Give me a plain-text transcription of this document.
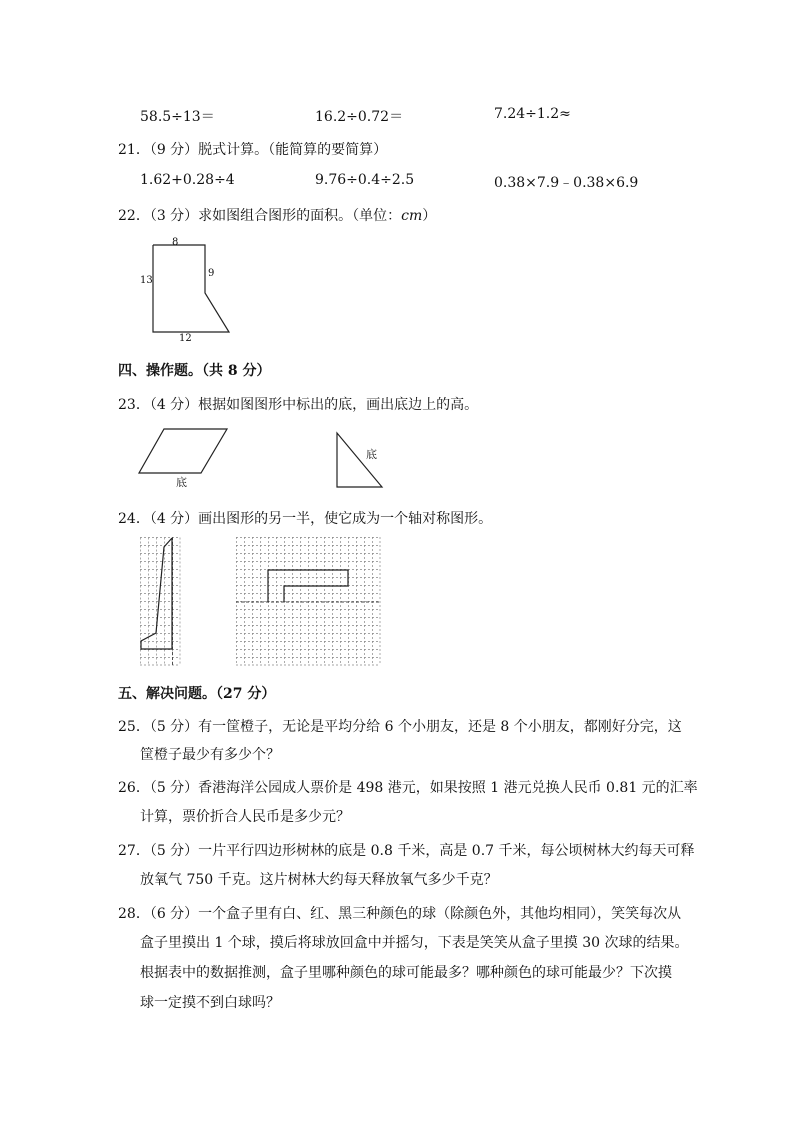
58.5÷13＝	16.2÷0.72＝	7.24÷1.2≈
21．（9 分）脱式计算。（能简算的要简算）
1.62+0.28÷4	9.76÷0.4÷2.5	0.38×7.9﹣0.38×6.9
22．（3 分）求如图组合图形的面积。（单位：cm）
8
13
9
12
四、操作题。（共 8 分）
23．（4 分）根据如图图形中标出的底，画出底边上的高。
底
底
24．（4 分）画出图形的另一半，使它成为一个轴对称图形。
五、解决问题。（27 分）
25．（5 分）有一筐橙子，无论是平均分给 6 个小朋友，还是 8 个小朋友，都刚好分完，这
筐橙子最少有多少个？
26．（5 分）香港海洋公园成人票价是 498 港元，如果按照 1 港元兑换人民币 0.81 元的汇率
计算，票价折合人民币是多少元？
27．（5 分）一片平行四边形树林的底是 0.8 千米，高是 0.7 千米，每公顷树林大约每天可释
放氧气 750 千克。这片树林大约每天释放氧气多少千克？
28．（6 分）一个盒子里有白、红、黑三种颜色的球（除颜色外，其他均相同），笑笑每次从
盒子里摸出 1 个球，摸后将球放回盒中并摇匀，下表是笑笑从盒子里摸 30 次球的结果。
根据表中的数据推测，盒子里哪种颜色的球可能最多？哪种颜色的球可能最少？下次摸
球一定摸不到白球吗？
